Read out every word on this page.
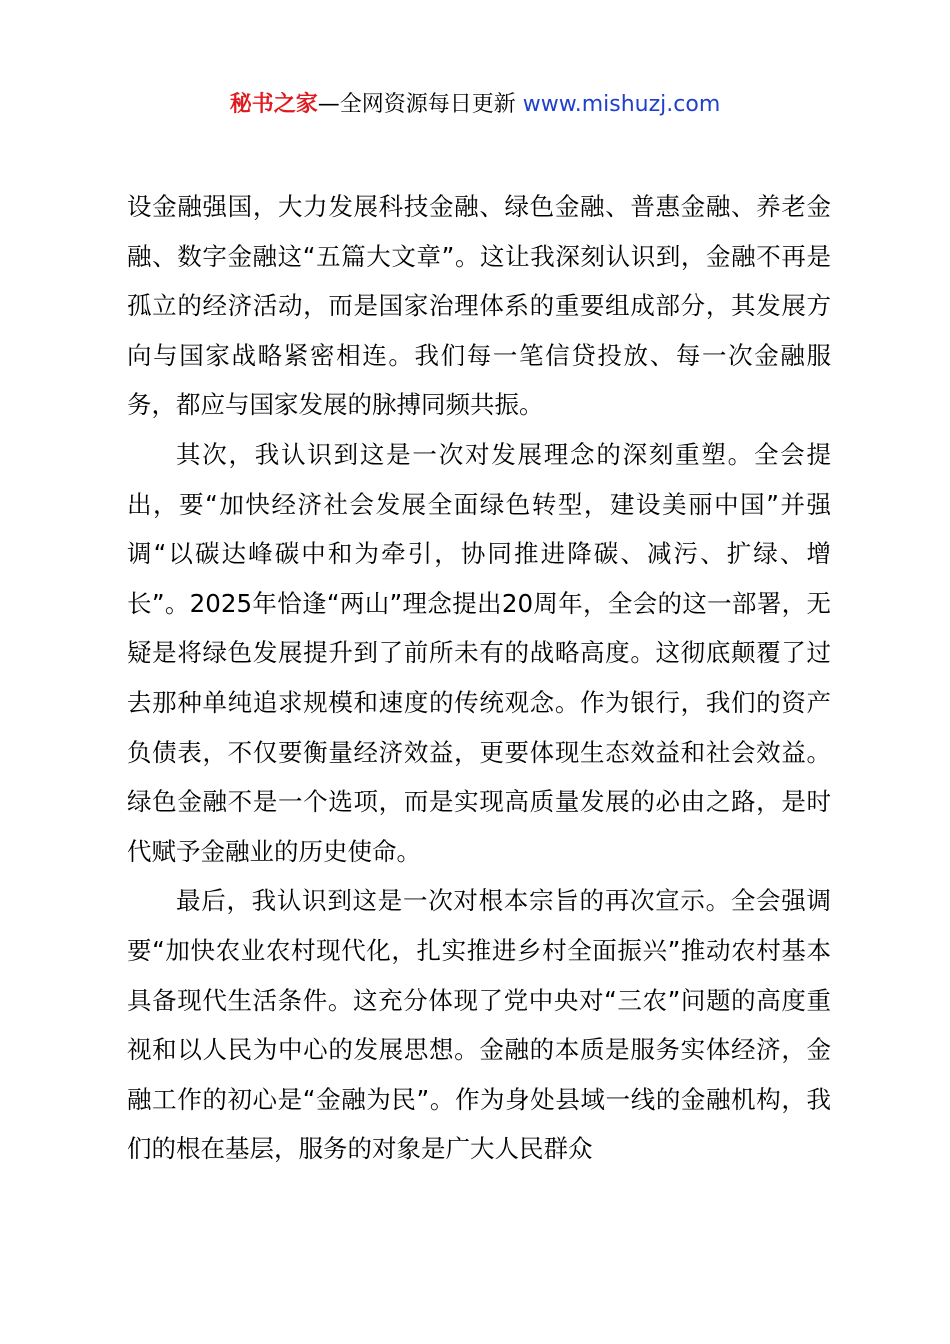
秘书之家—全网资源每日更新 www.mishuzj.com

设金融强国，大力发展科技金融、绿色金融、普惠金融、养老金融、数字金融这“五篇大文章”。这让我深刻认识到，金融不再是孤立的经济活动，而是国家治理体系的重要组成部分，其发展方向与国家战略紧密相连。我们每一笔信贷投放、每一次金融服务，都应与国家发展的脉搏同频共振。

其次，我认识到这是一次对发展理念的深刻重塑。全会提出，要“加快经济社会发展全面绿色转型，建设美丽中国”并强调“以碳达峰碳中和为牵引，协同推进降碳、减污、扩绿、增长”。2025年恰逢“两山”理念提出20周年，全会的这一部署，无疑是将绿色发展提升到了前所未有的战略高度。这彻底颠覆了过去那种单纯追求规模和速度的传统观念。作为银行，我们的资产负债表，不仅要衡量经济效益，更要体现生态效益和社会效益。绿色金融不是一个选项，而是实现高质量发展的必由之路，是时代赋予金融业的历史使命。

最后，我认识到这是一次对根本宗旨的再次宣示。全会强调要“加快农业农村现代化，扎实推进乡村全面振兴”推动农村基本具备现代生活条件。这充分体现了党中央对“三农”问题的高度重视和以人民为中心的发展思想。金融的本质是服务实体经济，金融工作的初心是“金融为民”。作为身处县域一线的金融机构，我们的根在基层，服务的对象是广大人民群众
